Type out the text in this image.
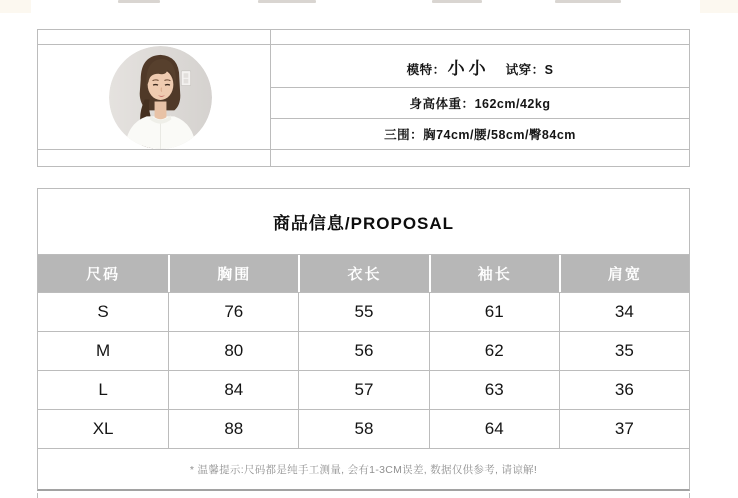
模特： 小小 试穿：S
身高体重：162cm/42kg
三围：胸74cm/腰/58cm/臀84cm
商品信息/PROPOSAL
尺码	胸围	衣长	袖长	肩宽
S	76	55	61	34
M	80	56	62	35
L	84	57	63	36
XL	88	58	64	37
* 温馨提示:尺码都是纯手工测量, 会有1-3CM误差, 数据仅供参考, 请谅解!
